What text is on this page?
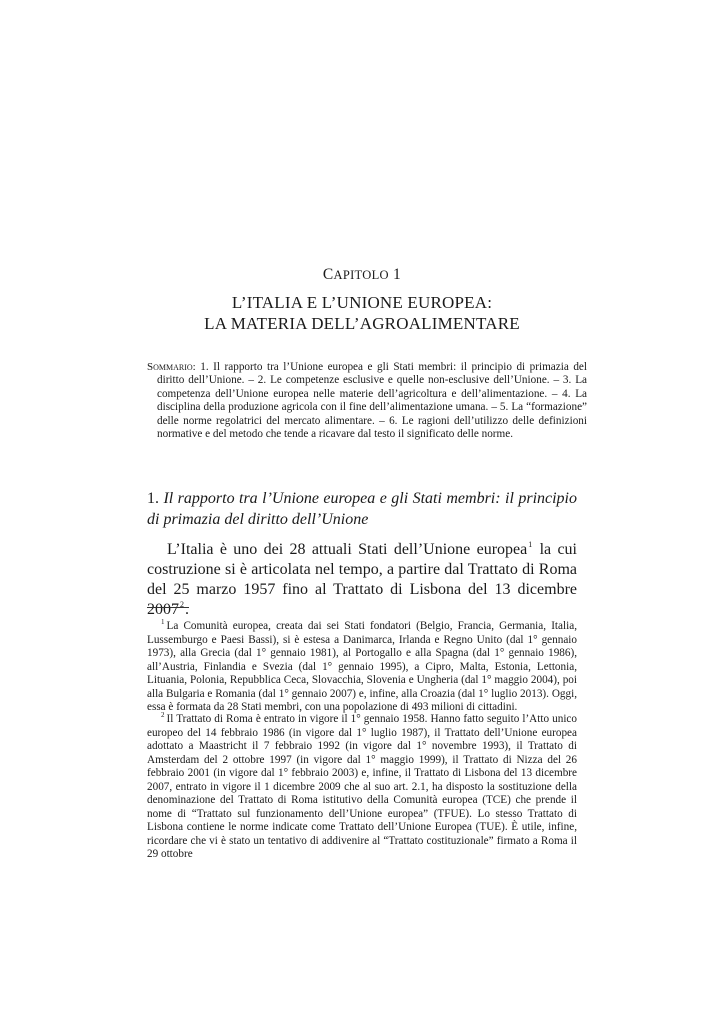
CAPITOLO 1
L’ITALIA E L’UNIONE EUROPEA:
LA MATERIA DELL’AGROALIMENTARE
Sommario: 1. Il rapporto tra l’Unione europea e gli Stati membri: il principio di primazia del diritto dell’Unione. – 2. Le competenze esclusive e quelle non-esclusive dell’Unione. – 3. La competenza dell’Unione europea nelle materie dell’agricoltura e dell’alimentazione. – 4. La disciplina della produzione agricola con il fine dell’alimentazione umana. – 5. La “formazione” delle norme regolatrici del mercato alimentare. – 6. Le ragioni dell’utilizzo delle definizioni normative e del metodo che tende a ricavare dal testo il significato delle norme.
1. Il rapporto tra l’Unione europea e gli Stati membri: il principio di primazia del diritto dell’Unione
L’Italia è uno dei 28 attuali Stati dell’Unione europea$^1$ la cui costruzione si è articolata nel tempo, a partire dal Trattato di Roma del 25 marzo 1957 fino al Trattato di Lisbona del 13 dicembre 2007$^2$.
$^1$ La Comunità europea, creata dai sei Stati fondatori (Belgio, Francia, Germania, Italia, Lussemburgo e Paesi Bassi), si è estesa a Danimarca, Irlanda e Regno Unito (dal 1° gennaio 1973), alla Grecia (dal 1° gennaio 1981), al Portogallo e alla Spagna (dal 1° gennaio 1986), all’Austria, Finlandia e Svezia (dal 1° gennaio 1995), a Cipro, Malta, Estonia, Lettonia, Lituania, Polonia, Repubblica Ceca, Slovacchia, Slovenia e Ungheria (dal 1° maggio 2004), poi alla Bulgaria e Romania (dal 1° gennaio 2007) e, infine, alla Croazia (dal 1° luglio 2013). Oggi, essa è formata da 28 Stati membri, con una popolazione di 493 milioni di cittadini.
$^2$ Il Trattato di Roma è entrato in vigore il 1° gennaio 1958. Hanno fatto seguito l’Atto unico europeo del 14 febbraio 1986 (in vigore dal 1° luglio 1987), il Trattato dell’Unione europea adottato a Maastricht il 7 febbraio 1992 (in vigore dal 1° novembre 1993), il Trattato di Amsterdam del 2 ottobre 1997 (in vigore dal 1° maggio 1999), il Trattato di Nizza del 26 febbraio 2001 (in vigore dal 1° febbraio 2003) e, infine, il Trattato di Lisbona del 13 dicembre 2007, entrato in vigore il 1 dicembre 2009 che al suo art. 2.1, ha disposto la sostituzione della denominazione del Trattato di Roma istitutivo della Comunità europea (TCE) che prende il nome di “Trattato sul funzionamento dell’Unione europea” (TFUE). Lo stesso Trattato di Lisbona contiene le norme indicate come Trattato dell’Unione Europea (TUE). È utile, infine, ricordare che vi è stato un tentativo di addivenire al “Trattato costituzionale” firmato a Roma il 29 ottobre
